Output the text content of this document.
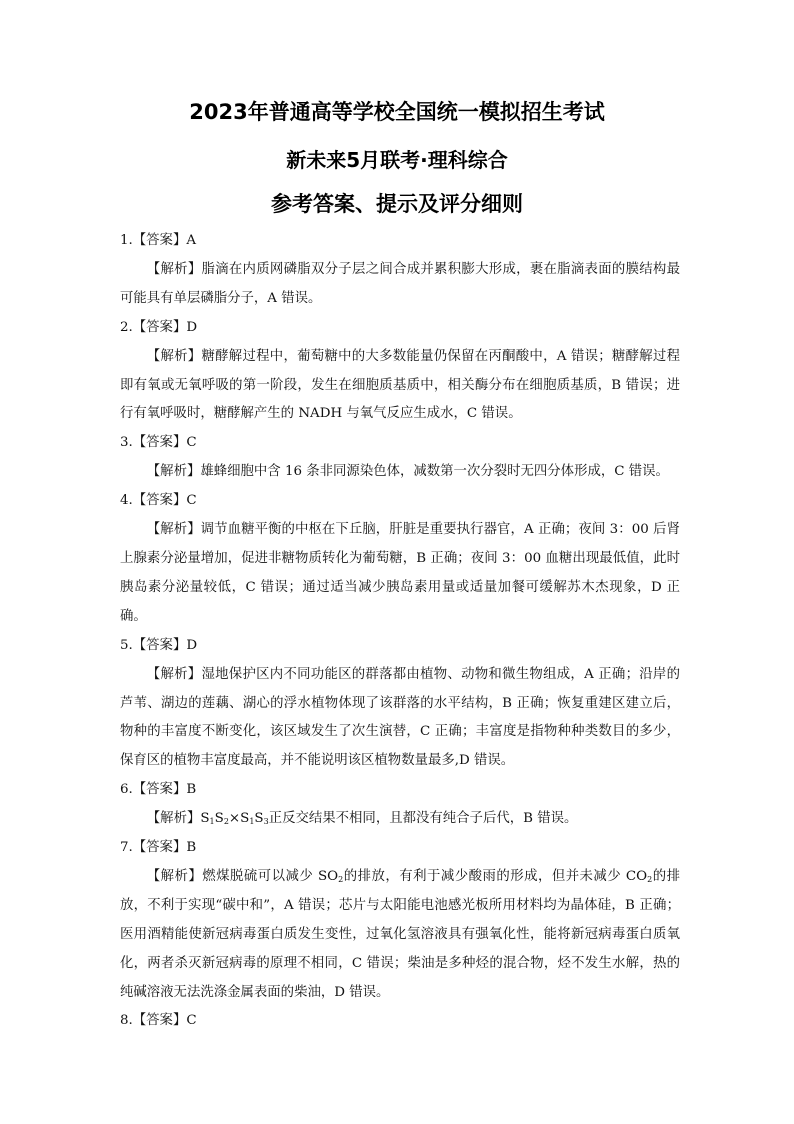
2023年普通高等学校全国统一模拟招生考试
新未来5月联考·理科综合
参考答案、提示及评分细则
1.【答案】A
【解析】脂滴在内质网磷脂双分子层之间合成并累积膨大形成，裹在脂滴表面的膜结构最可能具有单层磷脂分子，A 错误。
2.【答案】D
【解析】糖酵解过程中，葡萄糖中的大多数能量仍保留在丙酮酸中，A 错误；糖酵解过程即有氧或无氧呼吸的第一阶段，发生在细胞质基质中，相关酶分布在细胞质基质，B 错误；进行有氧呼吸时，糖酵解产生的 NADH 与氧气反应生成水，C 错误。
3.【答案】C
【解析】雄蜂细胞中含 16 条非同源染色体，减数第一次分裂时无四分体形成，C 错误。
4.【答案】C
【解析】调节血糖平衡的中枢在下丘脑，肝脏是重要执行器官，A 正确；夜间 3：00 后肾上腺素分泌量增加，促进非糖物质转化为葡萄糖，B 正确；夜间 3：00 血糖出现最低值，此时胰岛素分泌量较低，C 错误；通过适当减少胰岛素用量或适量加餐可缓解苏木杰现象，D 正确。
5.【答案】D
【解析】湿地保护区内不同功能区的群落都由植物、动物和微生物组成，A 正确；沿岸的芦苇、湖边的莲藕、湖心的浮水植物体现了该群落的水平结构，B 正确；恢复重建区建立后，物种的丰富度不断变化，该区域发生了次生演替，C 正确；丰富度是指物种种类数目的多少，保育区的植物丰富度最高，并不能说明该区植物数量最多,D 错误。
6.【答案】B
【解析】$S_1S_2\times S_1S_3$正反交结果不相同，且都没有纯合子后代，B 错误。
7.【答案】B
【解析】燃煤脱硫可以减少 $SO_2$的排放，有利于减少酸雨的形成，但并未减少 $CO_2$的排放，不利于实现“碳中和”，A 错误；芯片与太阳能电池感光板所用材料均为晶体硅，B 正确；医用酒精能使新冠病毒蛋白质发生变性，过氧化氢溶液具有强氧化性，能将新冠病毒蛋白质氧化，两者杀灭新冠病毒的原理不相同，C 错误；柴油是多种烃的混合物，烃不发生水解，热的纯碱溶液无法洗涤金属表面的柴油，D 错误。
8.【答案】C
